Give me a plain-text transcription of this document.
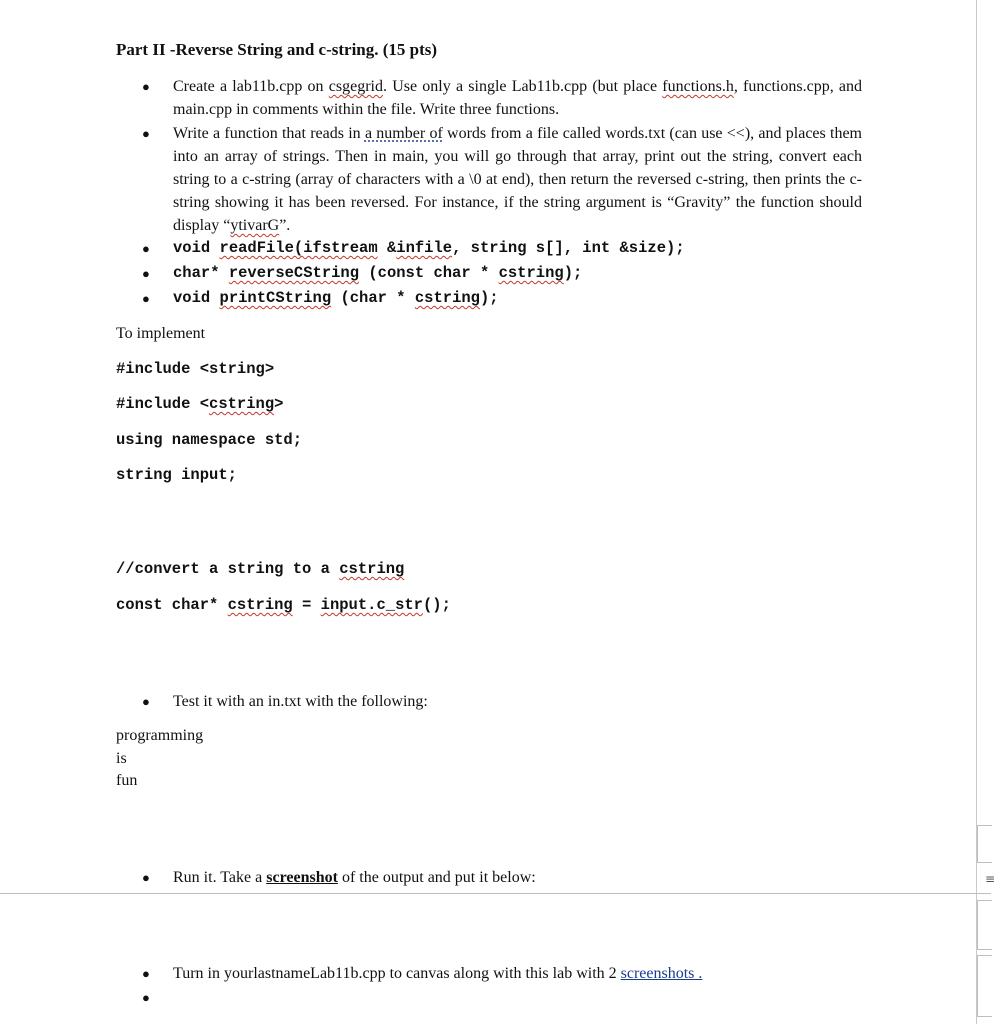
≡
Part II -Reverse String and c-string. (15 pts)
● Create a lab11b.cpp on csgegrid. Use only a single Lab11b.cpp (but place functions.h, functions.cpp, and main.cpp in comments within the file. Write three functions.
● Write a function that reads in a number of words from a file called words.txt (can use <<), and places them into an array of strings. Then in main, you will go through that array, print out the string, convert each string to a c-string (array of characters with a \0 at end), then return the reversed c-string, then prints the c-string showing it has been reversed. For instance, if the string argument is “Gravity” the function should display “ytivarG”.
● void readFile(ifstream &infile, string s[], int &size);
● char* reverseCString (const char * cstring);
● void printCString (char * cstring);
To implement
#include <string>
#include <cstring>
using namespace std;
string input;
//convert a string to a cstring
const char* cstring = input.c_str();
● Test it with an in.txt with the following:
programming
is
fun
● Run it. Take a screenshot of the output and put it below:
● Turn in yourlastnameLab11b.cpp to canvas along with this lab with 2 screenshots .
●
